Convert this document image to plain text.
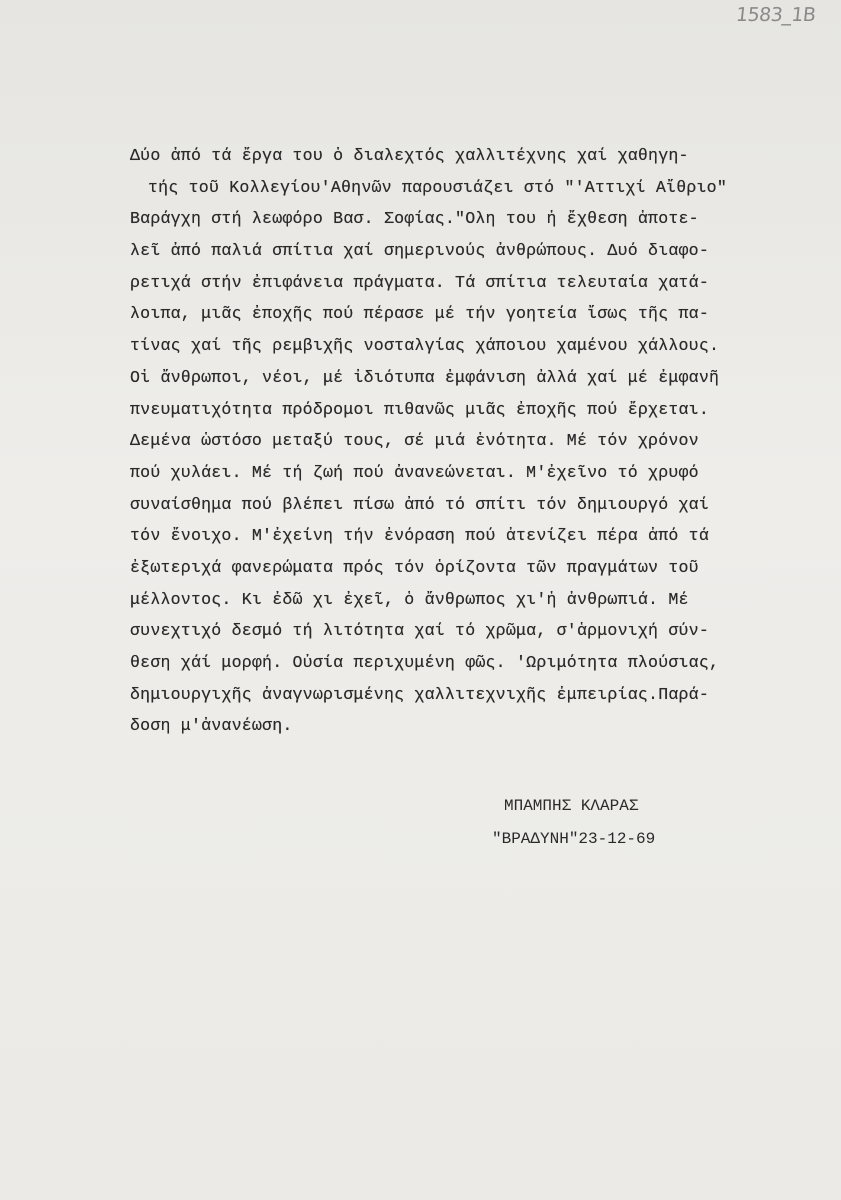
1583_1B
Δύο ἀπό τά ἔργα του ὁ διαλεχτός χαλλιτέχνης χαί χαθηγη-
τής τοῦ Κολλεγίου'Αθηνῶν παρουσιάζει στό "'Αττιχί Αἴθριο"
Βαράγχη στή λεωφόρο Βασ. Σοφίας."Ολη του ἡ ἔχθεση ἀποτε-
λεῖ ἀπό παλιά σπίτια χαί σημερινούς ἀνθρώπους. Δυό διαφο-
ρετιχά στήν ἐπιφάνεια πράγματα. Τά σπίτια τελευταία χατά-
λοιπα, μιᾶς ἐποχῆς πού πέρασε μέ τήν γοητεία ἴσως τῆς πα-
τίνας χαί τῆς ρεμβιχῆς νοσταλγίας χάποιου χαμένου χάλλους.
Οἱ ἄνθρωποι, νέοι, μέ ἰδιότυπα ἐμφάνιση ἀλλά χαί μέ ἐμφανῆ
πνευματιχότητα πρόδρομοι πιθανῶς μιᾶς ἐποχῆς πού ἔρχεται.
Δεμένα ὡστόσο μεταξύ τους, σέ μιά ἑνότητα. Μέ τόν χρόνον
πού χυλάει. Μέ τή ζωή πού ἀνανεώνεται. Μ'ἐχεῖνο τό χρυφό
συναίσθημα πού βλέπει πίσω ἀπό τό σπίτι τόν δημιουργό χαί
τόν ἔνοιχο. Μ'ἐχείνη τήν ἐνόραση πού ἀτενίζει πέρα ἀπό τά
ἐξωτεριχά φανερώματα πρός τόν ὁρίζοντα τῶν πραγμάτων τοῦ
μέλλοντος. Κι ἐδῶ χι ἐχεῖ, ὁ ἄνθρωπος χι'ἡ ἀνθρωπιά. Μέ
συνεχτιχό δεσμό τή λιτότητα χαί τό χρῶμα, σ'ἁρμονιχή σύν-
θεση χάί μορφή. Οὐσία περιχυμένη φῶς. 'Ωριμότητα πλούσιας,
δημιουργιχῆς ἀναγνωρισμένης χαλλιτεχνιχῆς ἐμπειρίας.Παρά-
δοση μ'ἀνανέωση.
ΜΠΑΜΠΗΣ ΚΛΑΡΑΣ
"ΒΡΑΔΥΝΗ"23-12-69
